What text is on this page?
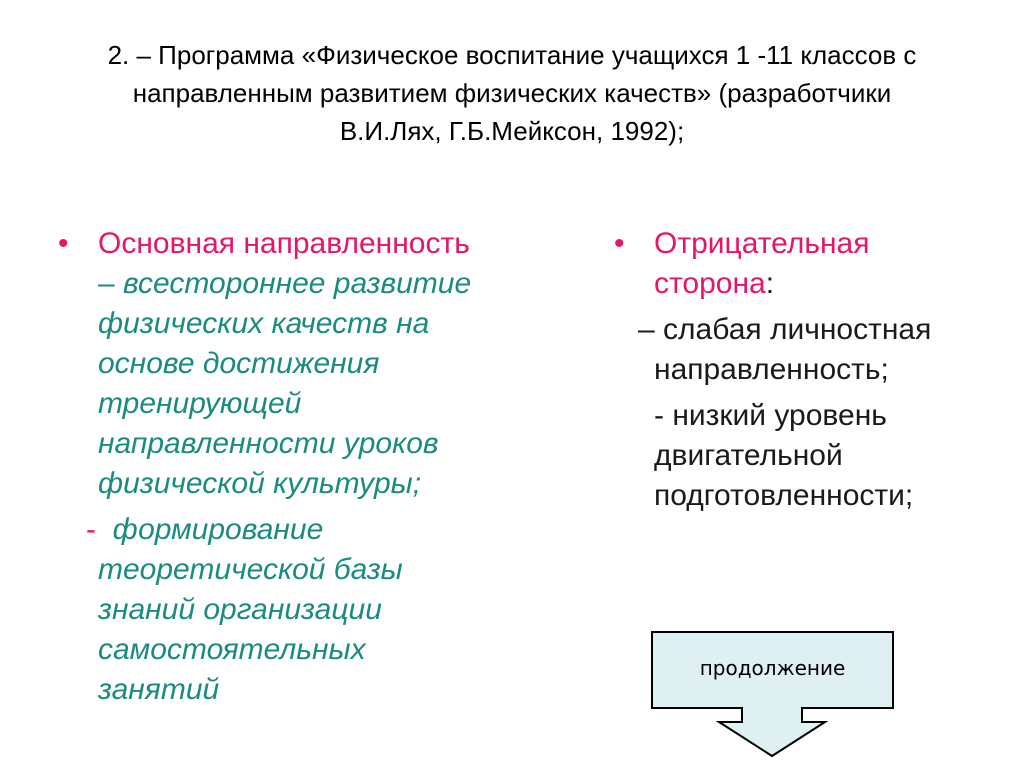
2. – Программа «Физическое воспитание учащихся 1 -11 классов с
направленным развитием физических качеств» (разработчики
В.И.Лях, Г.Б.Мейксон, 1992);
• Основная направленность
– всестороннее развитие
физических качеств на
основе достижения
тренирующей
направленности уроков
физической культуры;
- формирование
теоретической базы
знаний организации
самостоятельных
занятий
• Отрицательная
сторона:
– слабая личностная
направленность;
- низкий уровень
двигательной
подготовленности;
продолжение
